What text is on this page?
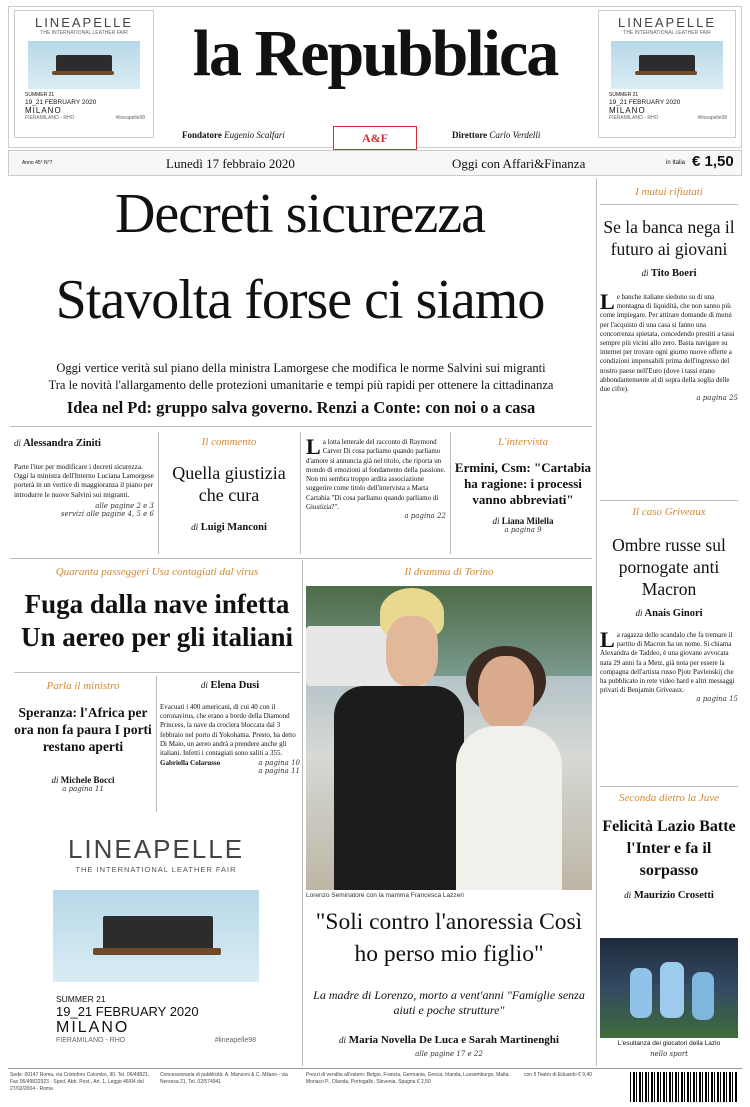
LINEAPELLE
THE INTERNATIONAL LEATHER FAIR
SUMMER 21
19_21 FEBRUARY 2020
MILANO
FIERAMILANO - RHO	#lineapelle98
LINEAPELLE
THE INTERNATIONAL LEATHER FAIR
SUMMER 21
19_21 FEBRUARY 2020
MILANO
FIERAMILANO - RHO	#lineapelle98
la Repubblica
Fondatore Eugenio Scalfari	Direttore Carlo Verdelli
A&F
Anno 45° N°7	Lunedì 17 febbraio 2020	Oggi con Affari&Finanza	in Italia € 1,50
Decreti sicurezza
Stavolta forse ci siamo
Oggi vertice verità sul piano della ministra Lamorgese che modifica le norme Salvini sui migranti
Tra le novità l'allargamento delle protezioni umanitarie e tempi più rapidi per ottenere la cittadinanza
Idea nel Pd: gruppo salva governo. Renzi a Conte: con noi o a casa
di Alessandra Ziniti
Parte l'iter per modificare i decreti sicurezza. Oggi la ministra dell'Interno Luciana Lamorgese porterà in un vertice di maggioranza il piano per introdurre le nuove Salvini sui migranti.
alle pagine 2 e 3
servizi alle pagine 4, 5 e 6
Il commento
Quella giustizia che cura
di Luigi Manconi
La lotta letterale del racconto di Raymond Carver Di cosa parliamo quando parliamo d'amore si annuncia già nel titolo, che riporta un mondo di emozioni al fondamento della passione. Non mi sembra troppo ardita associazione suggerire come titolo dell'intervista a Marta Cartabia "Di cosa parliamo quando parliamo di Giustizia?".
a pagina 22
L'intervista
Ermini, Csm: "Cartabia ha ragione: i processi vanno abbreviati"
di Liana Milella
a pagina 9
Quaranta passeggeri Usa contagiati dal virus
Fuga dalla nave infetta Un aereo per gli italiani
Parla il ministro
Speranza: l'Africa per ora non fa paura I porti restano aperti
di Michele Bocci
a pagina 11
di Elena Dusi
Evacuati i 400 americani, di cui 40 con il coronavirus, che erano a bordo della Diamond Princess, la nave da crociera bloccata dal 3 febbraio nel porto di Yokohama. Presto, ha detto Di Maio, un aereo andrà a prendere anche gli italiani. Infetti i contagiati sono saliti a 355.
Gabriella Colarusso	a pagina 10
a pagina 11
LINEAPELLE
THE INTERNATIONAL LEATHER FAIR
SUMMER 21
19_21 FEBRUARY 2020
MILANO
FIERAMILANO - RHO	#lineapelle98
Il dramma di Torino
Lorenzo Seminatore con la mamma Francesca Lazzeri
"Soli contro l'anoressia Così ho perso mio figlio"
La madre di Lorenzo, morto a vent'anni "Famiglie senza aiuti e poche strutture"
di Maria Novella De Luca e Sarah Martinenghi
alle pagine 17 e 22
I mutui rifiutati
Se la banca nega il futuro ai giovani
di Tito Boeri
Le banche italiane siedono su di una montagna di liquidità, che non sanno più come impiegare. Per attirare domande di mutui per l'acquisto di una casa si fanno una concorrenza spietata, concedendo prestiti a tassi sempre più vicini allo zero. Basta navigare su internet per trovare ogni giorno nuove offerte a condizioni impensabili prima dell'ingresso del nostro paese nell'Euro (dove i tassi erano abbondantemente al di sopra della soglia delle due cifre).
a pagina 25
Il caso Griveaux
Ombre russe sul pornogate anti Macron
di Anais Ginori
La ragazza dello scandalo che fa tremare il partito di Macron ha un nome. Si chiama Alexandra de Taddeo, è una giovane avvocata nata 29 anni fa a Metz, già nota per essere la compagna dell'artista russo Pjotr Pavlenskij che ha pubblicato in rete video hard e altri messaggi privati di Benjamin Griveaux.
a pagina 15
Seconda dietro la Juve
Felicità Lazio Batte l'Inter e fa il sorpasso
di Maurizio Crosetti
L'esultanza dei giocatori della Lazio
nello sport
Sede: 00147 Roma, via Cristoforo Colombo, 90. Tel. 06/49821, Fax 06/49822923 - Sped. Abb. Post., Art. 1, Legge 46/04 del 27/02/2004 - Roma
Concessionaria di pubblicità: A. Manzoni & C. Milano - via Nervesa 21, Tel. 02/574941
Prezzi di vendita all'estero: Belgio, Francia, Germania, Grecia, Irlanda, Lussemburgo, Malta, Monaco P., Olanda, Portogallo, Slovenia, Spagna € 2,50
con Il Teatro di Eduardo € 9,40
